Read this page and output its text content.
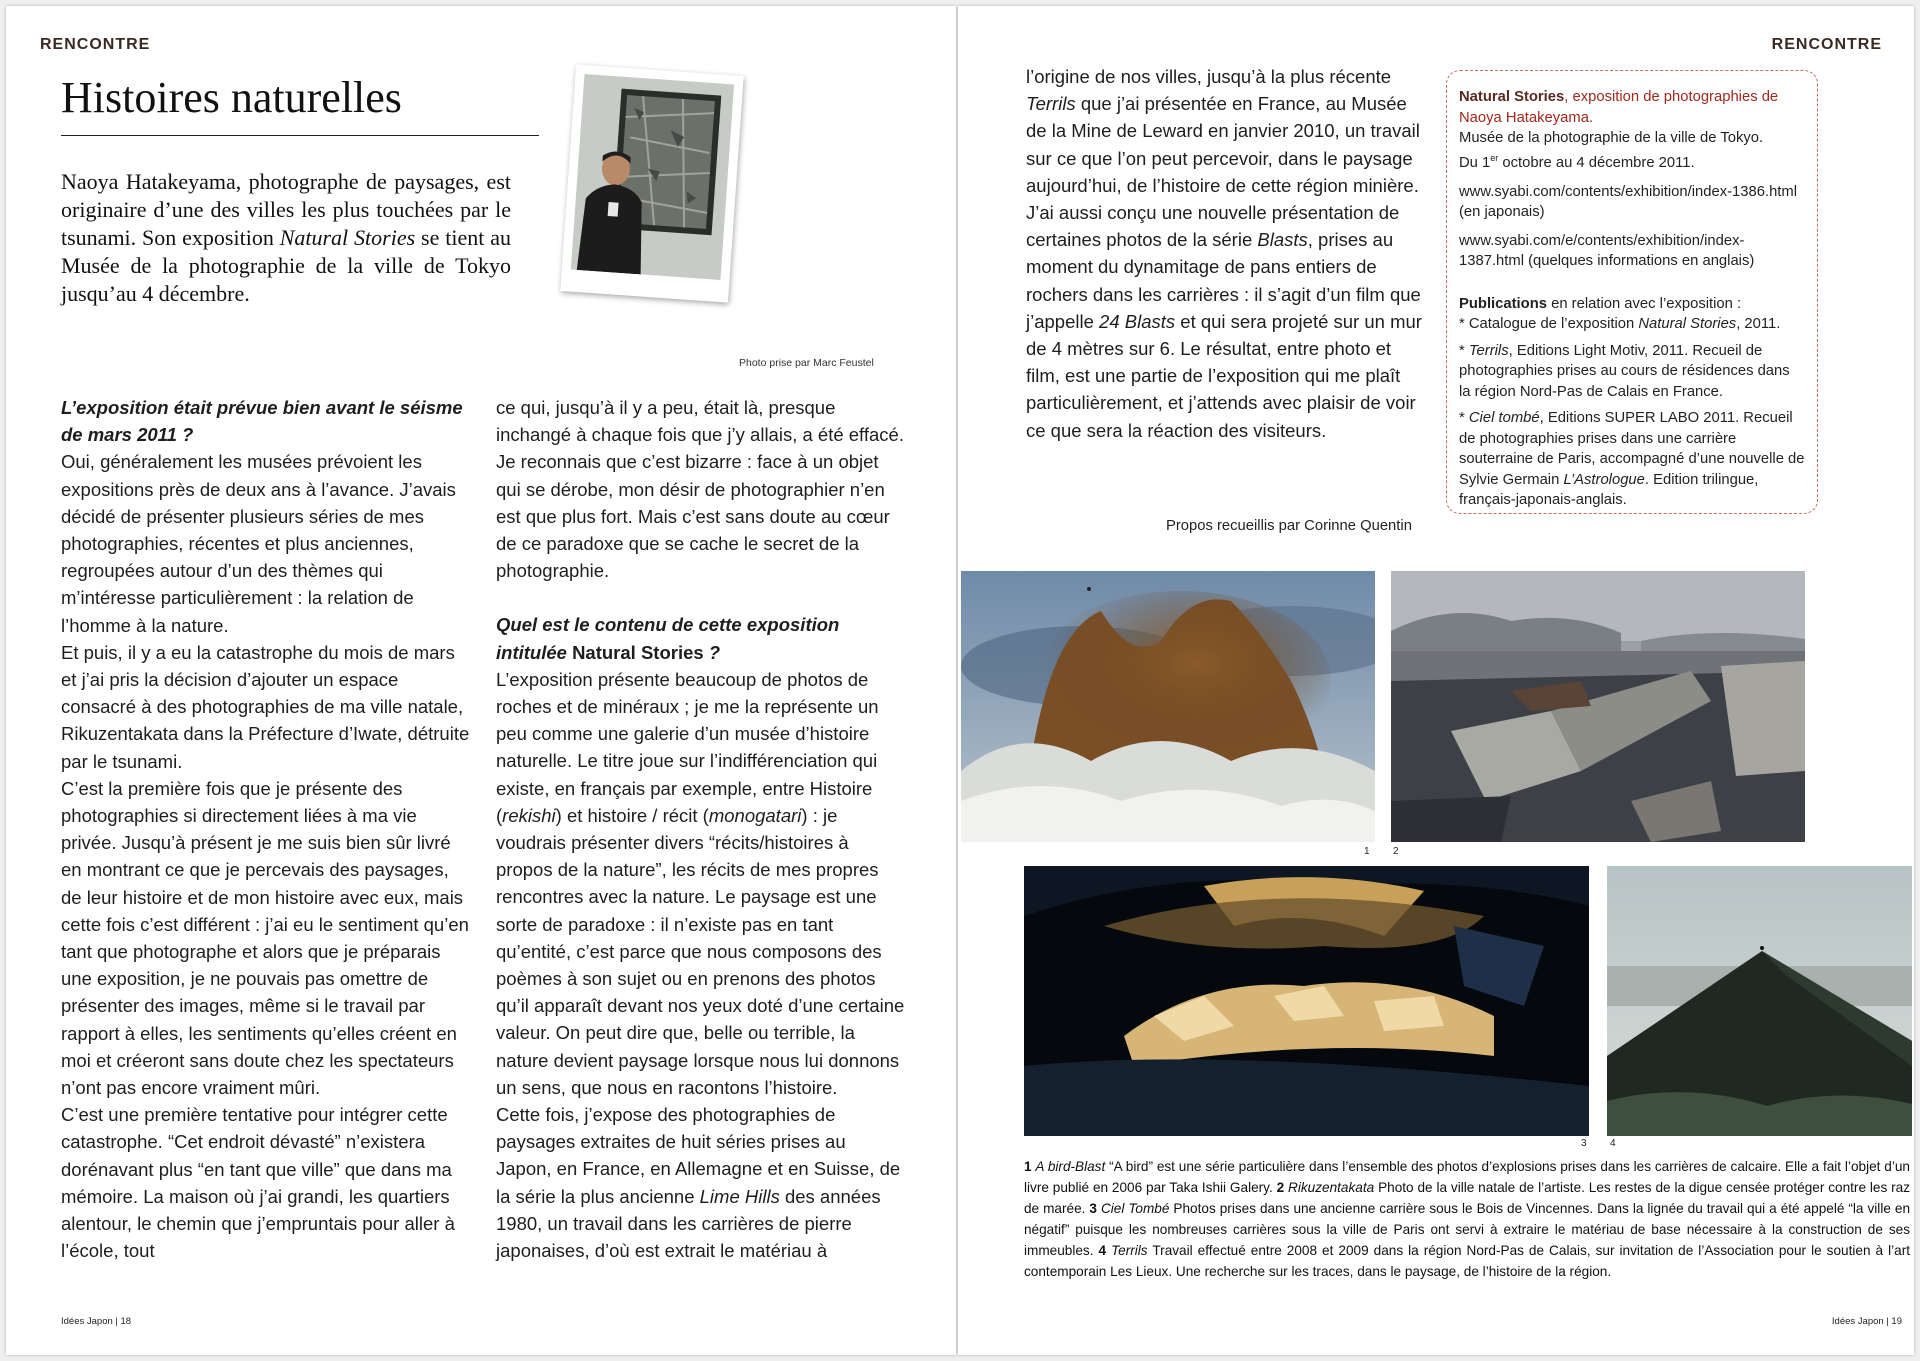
RENCONTRE
Histoires naturelles
Naoya Hatakeyama, photographe de paysages, est originaire d’une des villes les plus touchées par le tsunami. Son exposition Natural Stories se tient au Musée de la photographie de la ville de Tokyo jusqu’au 4 décembre.
Photo prise par Marc Feustel

L’exposition était prévue bien avant le séisme de mars 2011 ?

Oui, généralement les musées prévoient les expositions près de deux ans à l’avance. J’avais décidé de présenter plusieurs séries de mes photographies, récentes et plus anciennes, regroupées autour d’un des thèmes qui m’intéresse particulièrement : la relation de l’homme à la nature.

Et puis, il y a eu la catastrophe du mois de mars et j’ai pris la décision d’ajouter un espace consacré à des photographies de ma ville natale, Rikuzentakata dans la Préfecture d’Iwate, détruite par le tsunami.

C’est la première fois que je présente des photographies si directement liées à ma vie privée. Jusqu’à présent je me suis bien sûr livré en montrant ce que je percevais des paysages, de leur histoire et de mon histoire avec eux, mais cette fois c’est différent : j’ai eu le sentiment qu’en tant que photographe et alors que je préparais une exposition, je ne pouvais pas omettre de présenter des images, même si le travail par rapport à elles, les sentiments qu’elles créent en moi et créeront sans doute chez les spectateurs n’ont pas encore vraiment mûri.

C’est une première tentative pour intégrer cette catastrophe. “Cet endroit dévasté” n’existera dorénavant plus “en tant que ville” que dans ma mémoire. La maison où j’ai grandi, les quartiers alentour, le chemin que j’empruntais pour aller à l’école, tout

ce qui, jusqu’à il y a peu, était là, presque inchangé à chaque fois que j’y allais, a été effacé. Je reconnais que c’est bizarre : face à un objet qui se dérobe, mon désir de photographier n’en est que plus fort. Mais c’est sans doute au cœur de ce paradoxe que se cache le secret de la photographie.

Quel est le contenu de cette exposition intitulée Natural Stories ?

L’exposition présente beaucoup de photos de roches et de minéraux ; je me la représente un peu comme une galerie d’un musée d’histoire naturelle. Le titre joue sur l’indifférenciation qui existe, en français par exemple, entre Histoire (rekishi) et histoire / récit (monogatari) : je voudrais présenter divers “récits/histoires à propos de la nature”, les récits de mes propres rencontres avec la nature. Le paysage est une sorte de paradoxe : il n’existe pas en tant qu’entité, c’est parce que nous composons des poèmes à son sujet ou en prenons des photos qu’il apparaît devant nos yeux doté d’une certaine valeur. On peut dire que, belle ou terrible, la nature devient paysage lorsque nous lui donnons un sens, que nous en racontons l’histoire.

Cette fois, j’expose des photographies de paysages extraites de huit séries prises au Japon, en France, en Allemagne et en Suisse, de la série la plus ancienne Lime Hills des années 1980, un travail dans les carrières de pierre japonaises, d’où est extrait le matériau à

Idées Japon | 18
RENCONTRE

l’origine de nos villes, jusqu’à la plus récente Terrils que j’ai présentée en France, au Musée de la Mine de Leward en janvier 2010, un travail sur ce que l’on peut percevoir, dans le paysage aujourd’hui, de l’histoire de cette région minière.

J’ai aussi conçu une nouvelle présentation de certaines photos de la série Blasts, prises au moment du dynamitage de pans entiers de rochers dans les carrières : il s’agit d’un film que j’appelle 24 Blasts et qui sera projeté sur un mur de 4 mètres sur 6. Le résultat, entre photo et film, est une partie de l’exposition qui me plaît particulièrement, et j’attends avec plaisir de voir ce que sera la réaction des visiteurs.

Propos recueillis par Corinne Quentin

Natural Stories, exposition de photographies de Naoya Hatakeyama.
Musée de la photographie de la ville de Tokyo.
Du 1er octobre au 4 décembre 2011.

www.syabi.com/contents/exhibition/index-1386.html (en japonais)

www.syabi.com/e/contents/exhibition/index-1387.html (quelques informations en anglais)

Publications en relation avec l’exposition :

* Catalogue de l’exposition Natural Stories, 2011.

* Terrils, Editions Light Motiv, 2011. Recueil de photographies prises au cours de résidences dans la région Nord-Pas de Calais en France.

* Ciel tombé, Editions SUPER LABO 2011. Recueil de photographies prises dans une carrière souterraine de Paris, accompagné d’une nouvelle de Sylvie Germain L’Astrologue. Edition trilingue, français-japonais-anglais.

1 2
3 4
1 A bird-Blast “A bird” est une série particulière dans l’ensemble des photos d’explosions prises dans les carrières de calcaire. Elle a fait l’objet d’un livre publié en 2006 par Taka Ishii Galery. 2 Rikuzentakata Photo de la ville natale de l’artiste. Les restes de la digue censée protéger contre les raz de marée. 3 Ciel Tombé Photos prises dans une ancienne carrière sous le Bois de Vincennes. Dans la lignée du travail qui a été appelé “la ville en négatif” puisque les nombreuses carrières sous la ville de Paris ont servi à extraire le matériau de base nécessaire à la construction de ses immeubles. 4 Terrils Travail effectué entre 2008 et 2009 dans la région Nord-Pas de Calais, sur invitation de l’Association pour le soutien à l’art contemporain Les Lieux. Une recherche sur les traces, dans le paysage, de l’histoire de la région.
Idées Japon | 19
